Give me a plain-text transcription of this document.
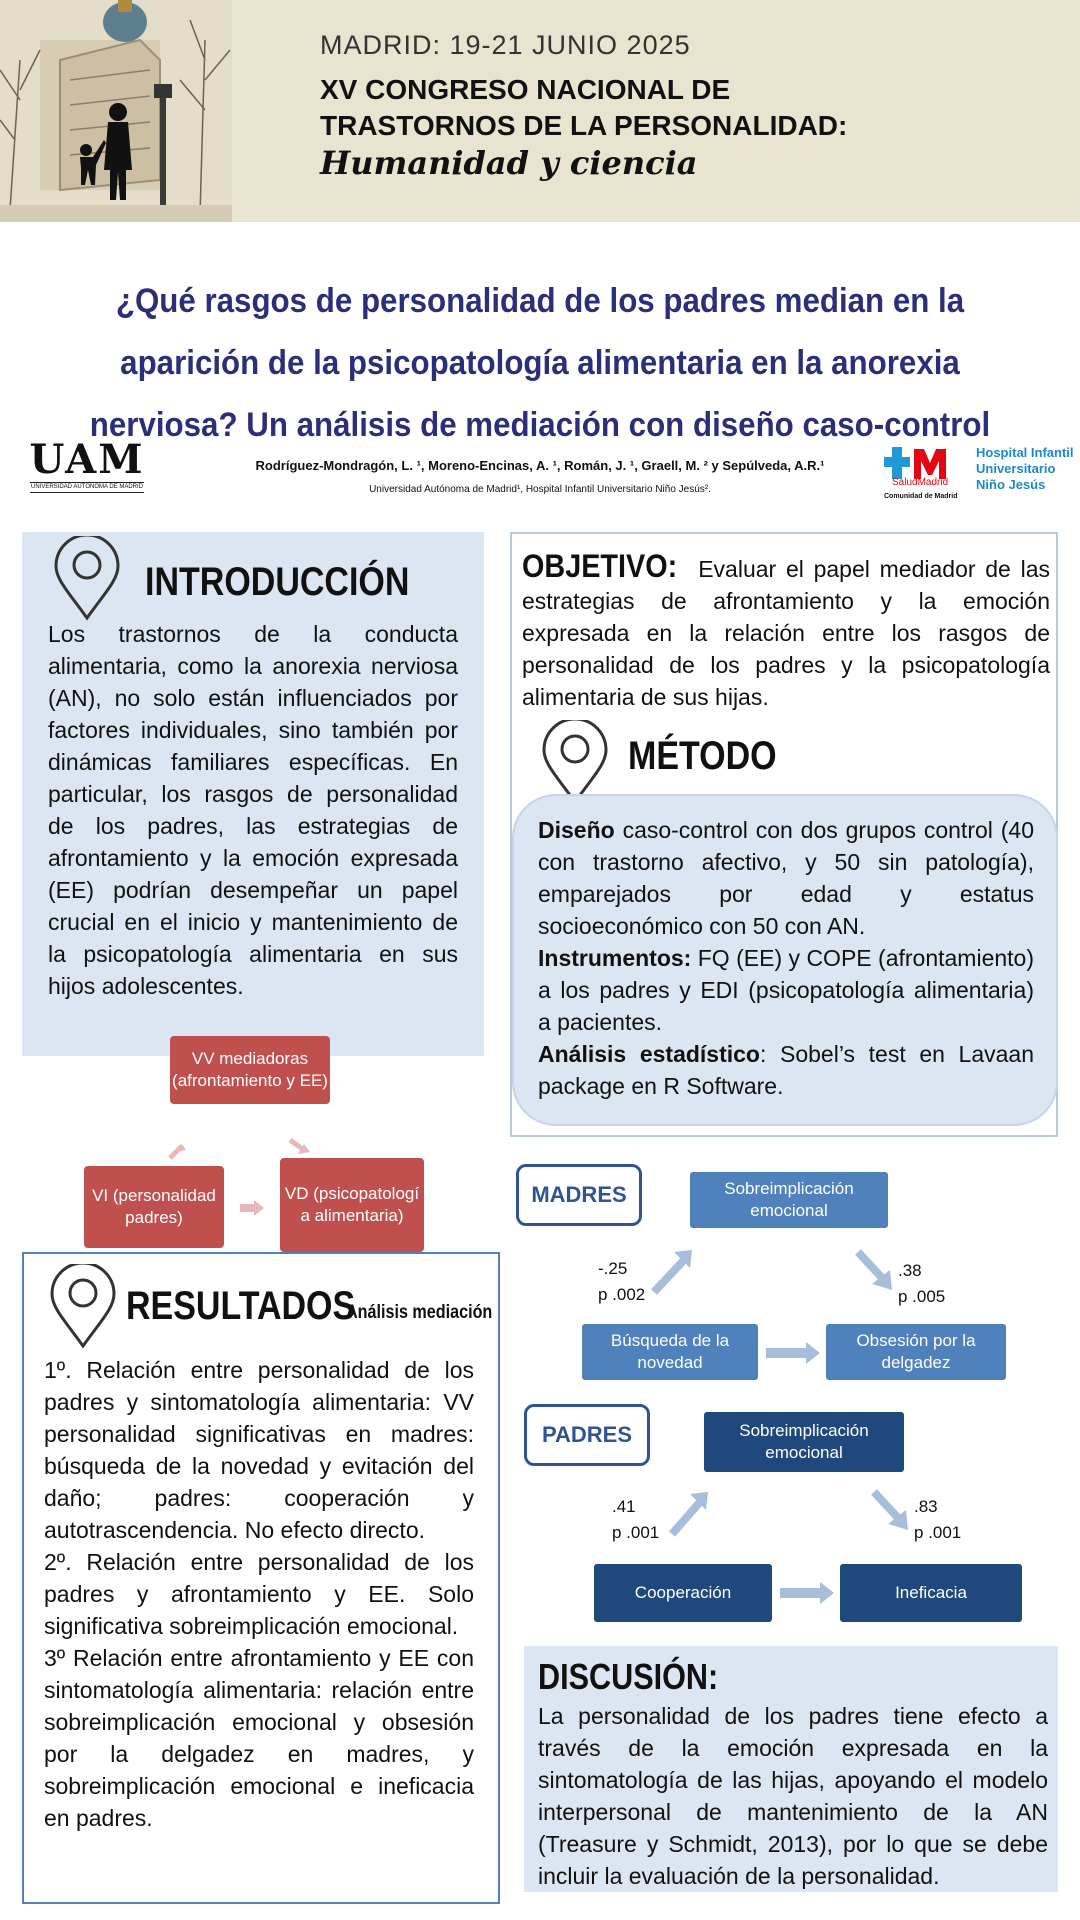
MADRID: 19-21 JUNIO 2025
XV CONGRESO NACIONAL DE
TRASTORNOS DE LA PERSONALIDAD:
Humanidad y ciencia
¿Qué rasgos de personalidad de los padres median en la aparición de la psicopatología alimentaria en la anorexia nerviosa? Un análisis de mediación con diseño caso-control
UAM
UNIVERSIDAD AUTÓNOMA DE MADRID
Rodríguez-Mondragón, L. ¹, Moreno-Encinas, A. ¹, Román, J. ¹, Graell, M. ² y Sepúlveda, A.R.¹
Universidad Autónoma de Madrid¹, Hospital Infantil Universitario Niño Jesús².
SaludMadrid
Comunidad de Madrid
Hospital Infantil
Universitario
Niño Jesús
INTRODUCCIÓN
Los trastornos de la conducta alimentaria, como la anorexia nerviosa (AN), no solo están influenciados por factores individuales, sino también por dinámicas familiares específicas. En particular, los rasgos de personalidad de los padres, las estrategias de afrontamiento y la emoción expresada (EE) podrían desempeñar un papel crucial en el inicio y mantenimiento de la psicopatología alimentaria en sus hijos adolescentes.
OBJETIVO: Evaluar el papel mediador de las estrategias de afrontamiento y la emoción expresada en la relación entre los rasgos de personalidad de los padres y la psicopatología alimentaria de sus hijas.
MÉTODO
Diseño caso-control con dos grupos control (40 con trastorno afectivo, y 50 sin patología), emparejados por edad y estatus socioeconómico con 50 con AN.
Instrumentos: FQ (EE) y COPE (afrontamiento) a los padres y EDI (psicopatología alimentaria) a pacientes.
Análisis estadístico: Sobel’s test en Lavaan package en R Software.
VV mediadoras (afrontamiento y EE)
VI (personalidad padres)
VD (psicopatologí a alimentaria)
RESULTADOS
Análisis mediación
1º. Relación entre personalidad de los padres y sintomatología alimentaria: VV personalidad significativas en madres: búsqueda de la novedad y evitación del daño; padres: cooperación y autotrascendencia. No efecto directo.
2º. Relación entre personalidad de los padres y afrontamiento y EE. Solo significativa sobreimplicación emocional.
3º Relación entre afrontamiento y EE con sintomatología alimentaria: relación entre sobreimplicación emocional y obsesión por la delgadez en madres, y sobreimplicación emocional e ineficacia en padres.
MADRES	Sobreimplicación emocional
Búsqueda de la novedad
Obsesión por la delgadez
-.25
p .002
.38
p .005
PADRES	Sobreimplicación emocional
Cooperación	Ineficacia
.41
p .001
.83
p .001
DISCUSIÓN:
La personalidad de los padres tiene efecto a través de la emoción expresada en la sintomatología de las hijas, apoyando el modelo interpersonal de mantenimiento de la AN (Treasure y Schmidt, 2013), por lo que se debe incluir la evaluación de la personalidad.
